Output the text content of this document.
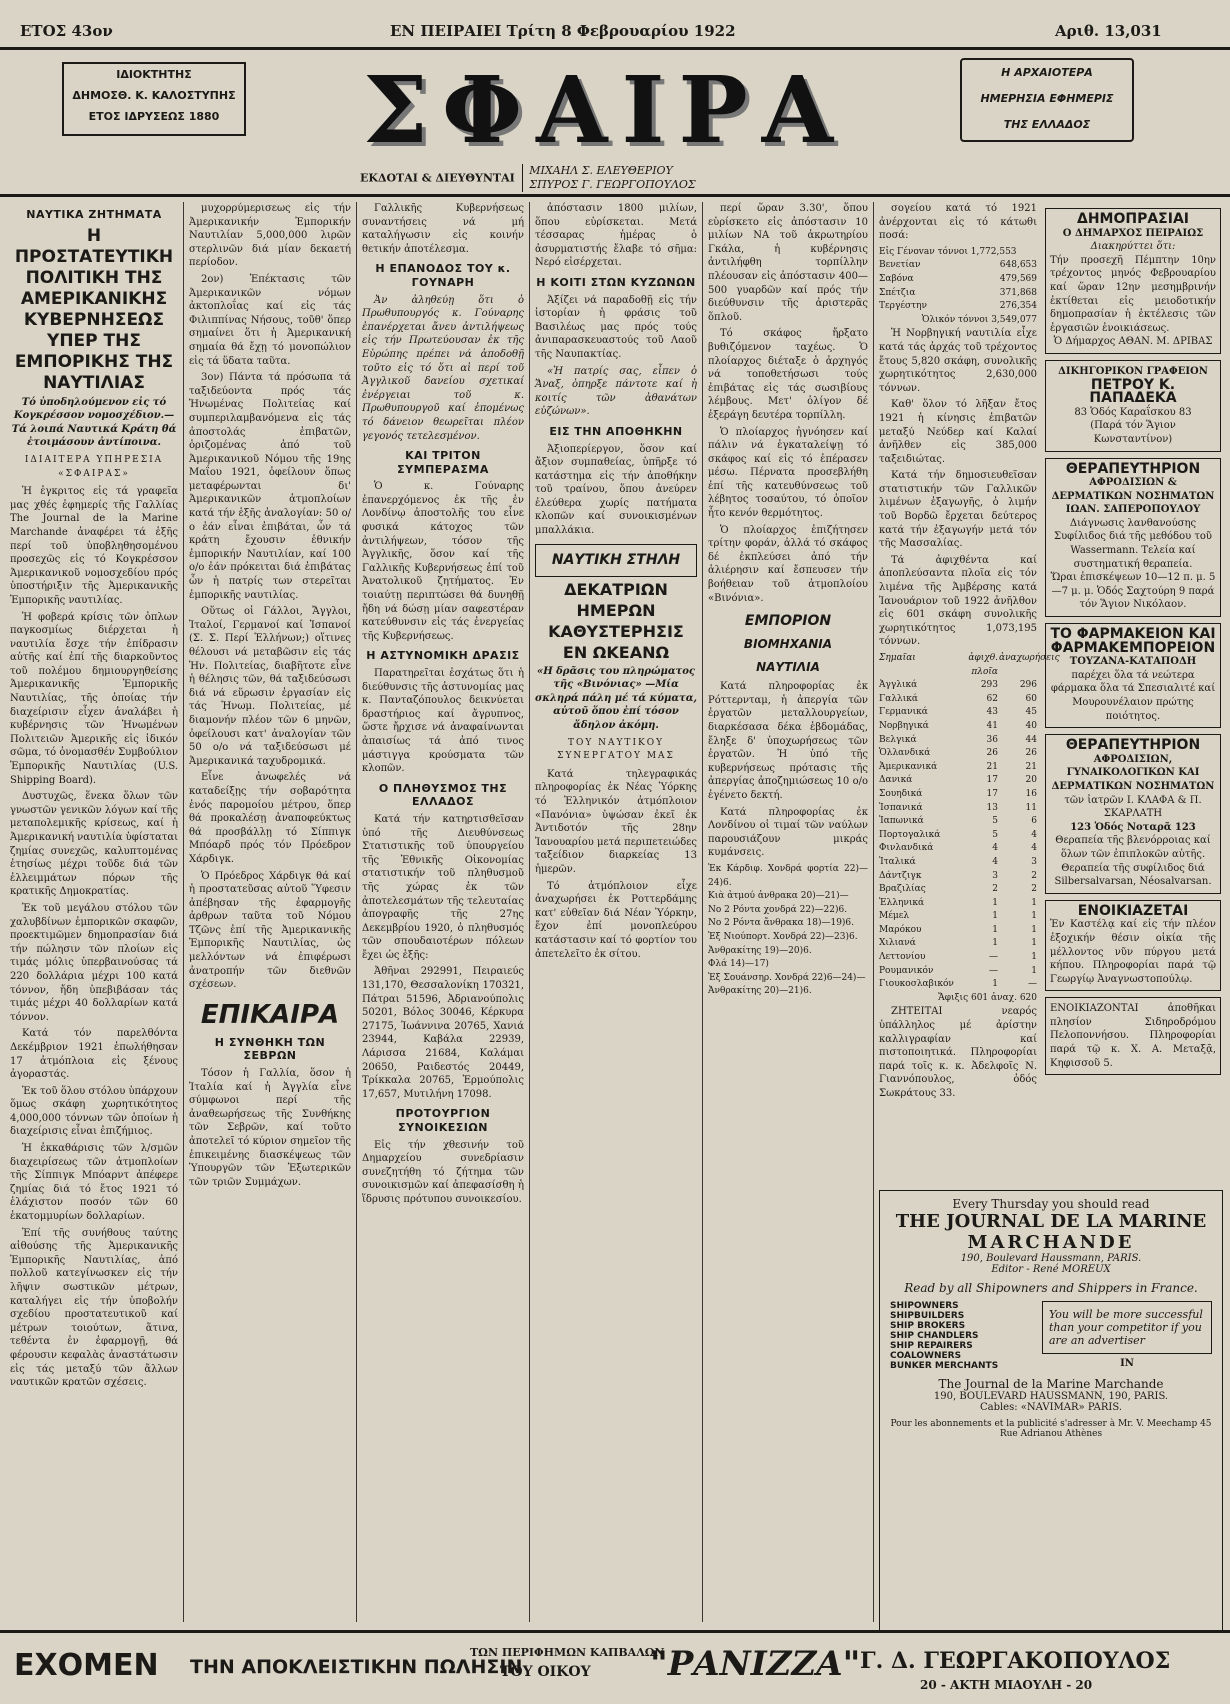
ΕΤΟΣ 43ον	ΕΝ ΠΕΙΡΑΙΕΙ Τρίτη 8 Φεβρουαρίου 1922	Αριθ. 13,031
ΙΔΙΟΚΤΗΤΗΣ
ΔΗΜΟΣΘ. Κ. ΚΑΛΟΣΤΥΠΗΣ
ΕΤΟΣ ΙΔΡΥΣΕΩΣ 1880	ΣΦΑΙΡΑ
ΕΚΔΟΤΑΙ & ΔΙΕΥΘΥΝΤΑΙ ΜΙΧΑΗΛ Σ. ΕΛΕΥΘΕΡΙΟΥ
ΣΠΥΡΟΣ Γ. ΓΕΩΡΓΟΠΟΥΛΟΣ
Η ΑΡΧΑΙΟΤΕΡΑ
ΗΜΕΡΗΣΙΑ ΕΦΗΜΕΡΙΣ
ΤΗΣ ΕΛΛΑΔΟΣ
ΝΑΥΤΙΚΑ ΖΗΤΗΜΑΤΑ
Η ΠΡΟΣΤΑΤΕΥΤΙΚΗ ΠΟΛΙΤΙΚΗ ΤΗΣ ΑΜΕΡΙΚΑΝΙΚΗΣ ΚΥΒΕΡΝΗΣΕΩΣ ΥΠΕΡ ΤΗΣ ΕΜΠΟΡΙΚΗΣ ΤΗΣ ΝΑΥΤΙΛΙΑΣ
Τό ὑποδηλούμενον εἰς τό Κογκρέσσον νομοσχέδιον.—Τά λοιπά Ναυτικά Κράτη θά ἐτοιμάσουν ἀντίποινα.
ΙΔΙΑΙΤΕΡΑ ΥΠΗΡΕΣΙΑ «ΣΦΑΙΡΑΣ»

Ἡ ἐγκριτος εἰς τά γραφεῖα μας χθές ἐφημερίς τῆς Γαλλίας The Journal de la Marine Marchande ἀναφέρει τά ἑξῆς περί τοῦ ὑποβληθησομένου προσεχῶς εἰς τό Κογκρέσσον Ἀμερικανικοῦ νομοσχεδίου πρός ὑποστήριξιν τῆς Ἀμερικανικῆς Ἐμπορικῆς ναυτιλίας.

Ἡ φοβερά κρίσις τῶν ὁπλων παγκοσμίως διέρχεται ἡ ναυτιλία ἔσχε τήν ἐπίδρασιν αὐτῆς καί ἐπί τῆς διαρκοῦντος τοῦ πολέμου δημιουργηθείσης Ἀμερικανικῆς Ἐμπορικῆς Ναυτιλίας, τῆς ὁποίας τήν διαχείρισιν εἶχεν ἀναλάβει ἡ κυβέρνησις τῶν Ἡνωμένων Πολιτειῶν Ἀμερικῆς εἰς ἰδικόν σῶμα, τό ὀνομασθέν Συμβούλιον Ἐμπορικῆς Ναυτιλίας (U.S. Shipping Board).

Δυστυχῶς, ἕνεκα ὅλων τῶν γνωστῶν γενικῶν λόγων καί τῆς μεταπολεμικῆς κρίσεως, καί ἡ Ἀμερικανική ναυτιλία ὑφίσταται ζημίας συνεχῶς, καλυπτομένας ἐτησίως μέχρι τοῦδε διά τῶν ἐλλειμμάτων πόρων τῆς κρατικῆς Δημοκρατίας.

Ἐκ τοῦ μεγάλου στόλου τῶν χαλυβδίνων ἐμπορικῶν σκαφῶν, προεκτιμῶμεν δημοπρασίαν διά τήν πώλησιν τῶν πλοίων εἰς τιμάς μόλις ὑπερβαινούσας τά 220 δολλάρια μέχρι 100 κατά τόννον, ἤδη ὑπεβιβάσαν τάς τιμάς μέχρι 40 δολλαρίων κατά τόννον.

Κατά τόν παρελθόντα Δεκέμβριον 1921 ἐπωλήθησαν 17 ἀτμόπλοια εἰς ξένους ἀγοραστάς.

Ἐκ τοῦ ὅλου στόλου ὑπάρχουν ὅμως σκάφη χωρητικότητος 4,000,000 τόννων τῶν ὁποίων ἡ διαχείρισις εἶναι ἐπιζήμιος.

Ἡ ἐκκαθάρισις τῶν λ/σμῶν διαχειρίσεως τῶν ἀτμοπλοίων τῆς Σίππιγκ Μπόαρντ ἀπέφερε ζημίας διά τό ἔτος 1921 τό ἐλάχιστον ποσόν τῶν 60 ἑκατομμυρίων δολλαρίων.

Ἐπί τῆς συνήθους ταύτης αἰθούσης τῆς Ἀμερικανικῆς Ἐμπορικῆς Ναυτιλίας, ἀπό πολλοῦ κατεγίνωσκεν εἰς τήν λῆψιν σωστικῶν μέτρων, καταλήγει εἰς τήν ὑποβολήν σχεδίου προστατευτικοῦ καί μέτρων τοιούτων, ἅτινα, τεθέντα ἐν ἐφαρμογῇ, θά φέρουσιν κεφαλὰς ἀναστάτωσιν εἰς τάς μεταξύ τῶν ἄλλων ναυτικῶν κρατῶν σχέσεις.

μυχορρύμερισεως εἰς τήν Ἀμερικανικήν Ἐμπορικήν Ναυτιλίαν 5,000,000 λιρῶν στερλινῶν διά μίαν δεκαετή περίοδον.

2ον) Ἐπέκτασις τῶν Ἀμερικανικῶν νόμων ἀκτοπλοΐας καί εἰς τάς Φιλιππίνας Νήσους, τοῦθ' ὅπερ σημαίνει ὅτι ἡ Ἀμερικανική σημαία θά ἔχῃ τό μονοπώλιον εἰς τά ὕδατα ταῦτα.

3ον) Πάντα τά πρόσωπα τά ταξιδεύοντα πρός τάς Ἡνωμένας Πολιτείας καί συμπεριλαμβανόμενα εἰς τάς ἀποστολάς ἐπιβατῶν, ὁριζομένας ἀπό τοῦ Ἀμερικανικοῦ Νόμου τῆς 19ης Μαΐου 1921, ὀφείλουν ὅπως μεταφέρωνται δι' Ἀμερικανικῶν ἀτμοπλοίων κατά τήν ἑξῆς ἀναλογίαν: 50 ο/ο ἐάν εἶναι ἐπιβάται, ὧν τά κράτη ἔχουσιν ἐθνικήν ἐμπορικήν Ναυτιλίαν, καί 100 ο/ο ἐάν πρόκειται διά ἐπιβάτας ὧν ἡ πατρίς των στερεῖται ἐμπορικῆς ναυτιλίας.

Οὕτως οἱ Γάλλοι, Ἄγγλοι, Ἰταλοί, Γερμανοί καί Ἱσπανοί (Σ. Σ. Περί Ἑλλήνων;) οἵτινες θέλουσι νά μεταβῶσιν εἰς τάς Ἡν. Πολιτείας, διαβῆτοτε εἶνε ἡ θέλησις τῶν, θά ταξιδεύσωσι διά νά εὕρωσιν ἐργασίαν εἰς τάς Ἡνωμ. Πολιτείας, μέ διαμονήν πλέον τῶν 6 μηνῶν, ὀφείλουσι κατ' ἀναλογίαν τῶν 50 ο/ο νά ταξιδεύσωσι μέ Ἀμερικανικά ταχυδρομικά.

Εἶνε ἀνωφελές νά καταδείξῃς τήν σοβαρότητα ἑνός παρομοίου μέτρου, ὅπερ θά προκαλέσῃ ἀναποφεύκτως θά προσβάλλῃ τό Σίππιγκ Μπόαρδ πρός τόν Πρόεδρον Χάρδιγκ.

Ὁ Πρόεδρος Χάρδιγκ θά καί ἡ προστατεῦσας αὐτοῦ Ὕφεσιν ἀπέβησαν τῆς ἐφαρμογῆς ἀρθρων ταῦτα τοῦ Νόμου Τζῶνς ἐπί τῆς Ἀμερικανικῆς Ἐμπορικῆς Ναυτιλίας, ὡς μελλόντων νά ἐπιφέρωσι ἀνατροπήν τῶν διεθνῶν σχέσεων.

ΕΠΙΚΑΙΡΑ
Η ΣΥΝΘΗΚΗ ΤΩΝ ΣΕΒΡΩΝ

Τόσον ἡ Γαλλία, ὅσον ἡ Ἰταλία καί ἡ Ἀγγλία εἶνε σύμφωνοι περί τῆς ἀναθεωρήσεως τῆς Συνθήκης τῶν Σεβρῶν, καί τοῦτο ἀποτελεῖ τό κύριον σημεῖον τῆς ἐπικειμένης διασκέψεως τῶν Ὑπουργῶν τῶν Ἐξωτερικῶν τῶν τριῶν Συμμάχων.

Γαλλικῆς Κυβερνήσεως συναντήσεις νά μή καταλήγωσιν εἰς κοινήν θετικήν ἀποτέλεσμα.

Η ΕΠΑΝΟΔΟΣ ΤΟΥ κ. ΓΟΥΝΑΡΗ

Ἀν ἀληθεύῃ ὅτι ὁ Πρωθυπουργός κ. Γούναρης ἐπανέρχεται ἄνευ ἀντιλήψεως εἰς τήν Πρωτεύουσαν ἐκ τῆς Εὐρώπης πρέπει νά ἀποδοθῇ τοῦτο εἰς τό ὅτι αἱ περί τοῦ Ἀγγλικοῦ δανείου σχετικαί ἐνέργειαι τοῦ κ. Πρωθυπουργοῦ καί ἐπομένως τό δάνειον θεωρεῖται πλέον γεγονός τετελεσμένον.

ΚΑΙ ΤΡΙΤΟΝ ΣΥΜΠΕΡΑΣΜΑ

Ὁ κ. Γούναρης ἐπανερχόμενος ἐκ τῆς ἐν Λονδίνῳ ἀποστολῆς του εἶνε φυσικά κάτοχος τῶν ἀντιλήψεων, τόσον τῆς Ἀγγλικῆς, ὅσον καί τῆς Γαλλικῆς Κυβερνήσεως ἐπί τοῦ Ἀνατολικοῦ ζητήματος. Ἐν τοιαύτῃ περιπτώσει θά δυνηθῇ ἤδη νά δώσῃ μίαν σαφεστέραν κατεύθυνσιν εἰς τάς ἐνεργείας τῆς Κυβερνήσεως.

Η ΑΣΤΥΝΟΜΙΚΗ ΔΡΑΣΙΣ

Παρατηρεῖται ἐσχάτως ὅτι ἡ διεύθυνσις τῆς ἀστυνομίας μας κ. Πανταζόπουλος δεικνύεται δραστήριος καί ἄγρυπνος, ὥστε ἤρχισε νά ἀναφαίνωνται ἀπαισίως τά ἀπό τινος μάστιγγα κρούσματα τῶν κλοπῶν.

Ο ΠΛΗΘΥΣΜΟΣ ΤΗΣ ΕΛΛΑΔΟΣ

Κατά τήν κατηρτισθεῖσαν ὑπό τῆς Διευθύνσεως Στατιστικῆς τοῦ ὑπουργείου τῆς Ἐθνικῆς Οἰκονομίας στατιστικήν τοῦ πληθυσμοῦ τῆς χώρας ἐκ τῶν ἀποτελεσμάτων τῆς τελευταίας ἀπογραφῆς τῆς 27ης Δεκεμβρίου 1920, ὁ πληθυσμός τῶν σπουδαιοτέρων πόλεων ἔχει ὡς ἑξῆς:

Ἀθῆναι 292991, Πειραιεύς 131,170, Θεσσαλονίκη 170321, Πάτραι 51596, Ἀδριανούπολις 50201, Βόλος 30046, Κέρκυρα 27175, Ἰωάννινα 20765, Χανιά 23944, Καβάλα 22939, Λάρισσα 21684, Καλάμαι 20650, Ραιδεστός 20449, Τρίκκαλα 20765, Ἑρμούπολις 17,657, Μυτιλήνη 17098.

ΠΡΟΤΟΥΡΓΙΟΝ ΣΥΝΟΙΚΕΣΙΩΝ

Εἰς τήν χθεσινήν τοῦ Δημαρχείου συνεδρίασιν συνεζητήθη τό ζήτημα τῶν συνοικισμῶν καί ἀπεφασίσθη ἡ ἵδρυσις πρότυπου συνοικεσίου.

ἀπόστασιν 1800 μιλίων, ὅπου εὑρίσκεται. Μετά τέσσαρας ἡμέρας ὁ ἀσυρματιστής ἔλαβε τό σῆμα: Νερό εἰσέρχεται.

Η ΚΟΙΤΙ ΣΤΩΝ ΚΥΖΩΝΩΝ

Ἀξίζει νά παραδοθῇ εἰς τήν ἱστορίαν ἡ φράσις τοῦ Βασιλέως μας πρός τούς ἀνιπαρασκευαστούς τοῦ Λαοῦ τῆς Ναυπακτίας.

«Ἡ πατρίς σας, εἶπεν ὁ Ἄναξ, ὀπηρξε πάντοτε καί ἡ κοιτίς τῶν ἀθανάτων εὐζώνων».

ΕΙΣ ΤΗΝ ΑΠΟΘΗΚΗΝ

Ἀξιοπερίεργον, ὅσον καί ἄξιον συμπαθείας, ὑπῆρξε τό κατάστημα εἰς τήν ἀποθήκην τοῦ τραίνου, ὅπου ἀνεύρεν ἐλεύθερα χωρίς πατήματα κλοπῶν καί συνοικισμένων μπαλλάκια.

ΝΑΥΤΙΚΗ ΣΤΗΛΗ
ΔΕΚΑΤΡΙΩΝ ΗΜΕΡΩΝ ΚΑΘΥΣΤΕΡΗΣΙΣ ΕΝ ΩΚΕΑΝΩ
«Η δρᾶσις του πληρώματος τῆς «Βινόνιας» —Μία σκληρά πάλη μέ τά κύματα, αὐτοῦ ὅπου ἐπί τόσον ἄδηλον ἀκόμη.
ΤΟΥ ΝΑΥΤΙΚΟΥ ΣΥΝΕΡΓΑΤΟΥ ΜΑΣ

Κατά τηλεγραφικάς πληροφορίας ἐκ Νέας Ὑόρκης τό Ἑλληνικόν ἀτμόπλοιον «Πανόνια» ὑψώσαν ἐκεῖ ἐκ Ἀντιδοτόν τῆς 28ην Ἰανουαρίου μετά περιπετειώδες ταξείδιον διαρκείας 13 ἡμερῶν.

Τό ἀτμόπλοιον εἶχε ἀναχωρήσει ἐκ Ροττερδάμης κατ' εὐθεῖαν διά Νέαν Ὑόρκην, ἔχον ἐπί μονοπλεύρου κατάστασιν καί τό φορτίον του ἀπετελεῖτο ἐκ σίτου.

περί ὥραν 3.30', ὅπου εὑρίσκετο εἰς ἀπόστασιν 10 μιλίων ΝΑ τοῦ ἀκρωτηρίου Γκάλα, ἡ κυβέρνησις ἀντιλήφθη τορπίλλην πλέουσαν εἰς ἀπόστασιν 400—500 γυαρδῶν καί πρός τήν διεύθυνσιν τῆς ἀριστερᾶς ὅπλοῦ.

Τό σκάφος ἤρξατο βυθιζόμενον ταχέως. Ὁ πλοίαρχος διέταξε ὁ ἀρχηγός νά τοποθετήσωσι τούς ἐπιβάτας εἰς τάς σωσιβίους λέμβους. Μετ' ὀλίγον δέ ἐξεράγη δευτέρα τορπίλλη.

Ὁ πλοίαρχος ἠγνόησεν καί πάλιν νά ἐγκαταλείψῃ τό σκάφος καί εἰς τό ἐπέρασεν μέσω. Πέρνατα προσεβλήθη ἐπί τῆς κατευθύνσεως τοῦ λέβητος τοσαύτου, τό ὁποῖον ἦτο κενόν θερμότητος.

Ὁ πλοίαρχος ἐπιζήτησεν τρίτην φοράν, ἀλλά τό σκάφος δέ ἐκπλεύσει ἀπό τήν ἁλιέρησιν καί ἔσπευσεν τήν βοήθειαν τοῦ ἀτμοπλοίου «Βινόνια».

ΕΜΠΟΡΙΟΝ
ΒΙΟΜΗΧΑΝΙΑ
ΝΑΥΤΙΛΙΑ

Κατά πληροφορίας ἐκ Ρόττερνταμ, ἡ ἀπεργία τῶν ἐργατῶν μεταλλουργείων, διαρκέσασα δέκα ἑβδομάδας, ἔληξε δ' ὑποχωρήσεως τῶν ἐργατῶν. Ἡ ὑπό τῆς κυβερνήσεως πρότασις τῆς ἀπεργίας ἀποζημιώσεως 10 ο/ο ἐγένετο δεκτή.

Κατά πληροφορίας ἐκ Λονδίνου οἱ τιμαί τῶν ναύλων παρουσιάζουν μικράς κυμάνσεις.

Ἐκ Κάρδιφ. Χονδρά φορτία 22)— 24)6.
Κιὰ ἀτμού ἀνθρακα 20)—21)—
Νο 2 Ρόντα χονδρά 22)—22)6.
Νο 2 Ρόντα ἄνθρακα 18)—19)6.
Ἐξ Νιούπορτ. Χονδρά 22)—23)6.
Ἀνθρακίτης 19)—20)6.
Φλά 14)—17)
Ἐξ Σουάνσηρ. Χονδρά 22)6—24)—
Ἀνθρακίτης 20)—21)6.

σογείου κατά τό 1921 ἀνέρχονται εἰς τό κάτωθι ποσά:

Εἰς Γένοvaν τόννοι 1,772,553
Βενετίαν	648,653
Σαβόνα	479,569
Σπέτζια	371,868
Τεργέστην	276,354
Ὁλικόν τόννοι 3,549,077

Ἡ Νορβηγική ναυτιλία εἶχε κατά τάς ἀρχάς τοῦ τρέχοντος ἔτους 5,820 σκάφη, συνολικῆς χωρητικότητος 2,630,000 τόννων.

Καθ' ὅλον τό λῆξαν ἔτος 1921 ἡ κίνησις ἐπιβατῶν μεταξύ Νεύδερ καί Καλαί ἀνῆλθεν εἰς 385,000 ταξειδιώτας.

Κατά τήν δημοσιευθεῖσαν στατιστικήν τῶν Γαλλικῶν λιμένων ἐξαγωγῆς, ὁ λιμήν τοῦ Βορδῶ ἔρχεται δεύτερος κατά τήν ἐξαγωγήν μετά τόν τῆς Μασσαλίας.

Τά ἀφιχθέντα καί ἀποπλεύσαντα πλοῖα εἰς τόν λιμένα τῆς Ἀμβέρσης κατά Ἰανουάριον τοῦ 1922 ἀνῆλθον εἰς 601 σκάφη συνολικῆς χωρητικότητος 1,073,195 τόννων.

Σημαῖαι	ἀφιχθ. πλοῖα
ἀναχωρήσεις
Ἀγγλικά	293	296
Γαλλικά	62	60
Γερμανικά	43	45
Νορβηγικά	41	40
Βελγικά	36	44
Ὁλλανδικά	26	26
Ἀμερικανικά	21	21
Δανικά	17	20
Σουηδικά	17	16
Ἰσπανικά	13	11
Ἰαπωνικά	5	6
Πορτογαλικά	5	4
Φινλανδικά	4	4
Ἰταλικά	4	3
Δάντζιγκ	3	2
Βραζιλίας	2	2
Ἑλληνικά	1	1
Μέμελ	1	1
Μαρόκου	1	1
Χιλιανά	1	1
Λεττονίου	—	1
Ρουμανικόν	—	1
Γιουκοσλαβικόν	1	—
Ἄφιξις 601 ἀναχ. 620

ΖΗΤΕΙΤΑΙ νεαρός ὑπάλληλος μέ ἀρίστην καλλιγραφίαν καί πιστοποιητικά. Πληροφορίαι παρά τοῖς κ. κ. Ἀδελφοῖς Ν. Γιαννόπουλος, ὁδός Σωκράτους 33.

ΔΗΜΟΠΡΑΣΙΑΙ
Ο ΔΗΜΑΡΧΟΣ ΠΕΙΡΑΙΩΣ
Διακηρύττει ὅτι:
Τήν προσεχῆ Πέμπτην 10ην τρέχοντος μηνός Φεβρουαρίου καί ὥραν 12ην μεσημβρινήν ἐκτίθεται εἰς μειοδοτικήν δημοπρασίαν ἡ ἐκτέλεσις τῶν ἐργασιῶν ἐνοικιάσεως.
Ὁ Δήμαρχος ΑΘΑΝ. Μ. ΔΡΙΒΑΣ
ΔΙΚΗΓΟΡΙΚΟΝ ΓΡΑΦΕΙΟΝ
ΠΕΤΡΟΥ Κ. ΠΑΠΑΔΕΚΑ
83 Ὁδός Καραΐσκου 83
(Παρά τόν Ἅγιον Κωνσταντίνον)
ΘΕΡΑΠΕΥΤΗΡΙΟΝ
ΑΦΡΟΔΙΣΙΩΝ & ΔΕΡΜΑΤΙΚΩΝ ΝΟΣΗΜΑΤΩΝ
ΙΩΑΝ. ΣΑΠΕΡΟΠΟΥΛΟΥ
Διάγνωσις λανθανούσης Συφίλιδος διά τῆς μεθόδου τοῦ Wassermann. Τελεία καί συστηματική θεραπεία.
Ὥραι ἐπισκέψεων 10—12 π. μ. 5—7 μ. μ. Ὁδός Σαχτούρη 9 παρά τόν Ἅγιον Νικόλαον.
ΤΟ ΦΑΡΜΑΚΕΙΟΝ ΚΑΙ ΦΑΡΜΑΚΕΜΠΟΡΕΙΟΝ
ΤΟΥΖΑΝΑ-ΚΑΤΑΠΟΔΗ
παρέχει ὅλα τά νεώτερα φάρμακα ὅλα τά Σπεσιαλιτέ καί Μουρουνέλαιον πρώτης ποιότητος.
ΘΕΡΑΠΕΥΤΗΡΙΟΝ
ΑΦΡΟΔΙΣΙΩΝ, ΓΥΝΑΙΚΟΛΟΓΙΚΩΝ ΚΑΙ ΔΕΡΜΑΤΙΚΩΝ ΝΟΣΗΜΑΤΩΝ
τῶν ἰατρῶν Ι. ΚΛΑΦΑ & Π. ΣΚΑΡΛΑΤΗ
123 Ὁδός Νοταρᾶ 123
Θεραπεία τῆς βλενόρροιας καί ὅλων τῶν ἐπιπλοκῶν αὐτῆς. Θεραπεία τῆς συφίλιδος διά Silbersalvarsan, Néosalvarsan.
ΕΝΟΙΚΙΑΖΕΤΑΙ
Ἐν Καστέλᾳ καί εἰς τήν πλέον ἐξοχικήν θέσιν οἰκία τῆς μέλλοντος νῦν πύργου μετά κήπου. Πληροφορίαι παρά τῷ Γεωργίῳ Ἀναγνωστοπούλῳ.
ΕΝΟΙΚΙΑΖΟΝΤΑΙ ἀποθῆκαι πλησίον Σιδηροδρόμου Πελοποννήσου. Πληροφορίαι παρά τῷ κ. Χ. Α. Μεταξᾷ, Κηφισσοῦ 5.
Every Thursday you should read
THE JOURNAL DE LA MARINE
MARCHANDE
190, Boulevard Haussmann, PARIS.
Editor - René MOREUX
Read by all Shipowners and Shippers in France.
SHIPOWNERS
SHIPBUILDERS
SHIP BROKERS
SHIP CHANDLERS
SHIP REPAIRERS
COALOWNERS
BUNKER MERCHANTS
You will be more successful than your competitor if you are an advertiser
IN
The Journal de la Marine Marchande
190, BOULEVARD HAUSSMANN, 190, PARIS.
Cables: «NAVIMAR» PARIS.
Pour les abonnements et la publicité s'adresser à Mr. V. Meechamp 45 Rue Adrianou Athènes
ΕΧΟΜΕΝ ΤΗΝ ΑΠΟΚΛΕΙΣΤΙΚΗΝ ΠΩΛΗΣΙΝ
ΤΩΝ ΠΕΡΙΦΗΜΩΝ ΚΑΠΒΑΛΩΝ
ΤΟΥ ΟΙΚΟΥ "ΡΑΝΙΖΖΑ" Γ. Δ. ΓΕΩΡΓΑΚΟΠΟΥΛΟΣ
20 - ΑΚΤΗ ΜΙΑΟΥΛΗ - 20
